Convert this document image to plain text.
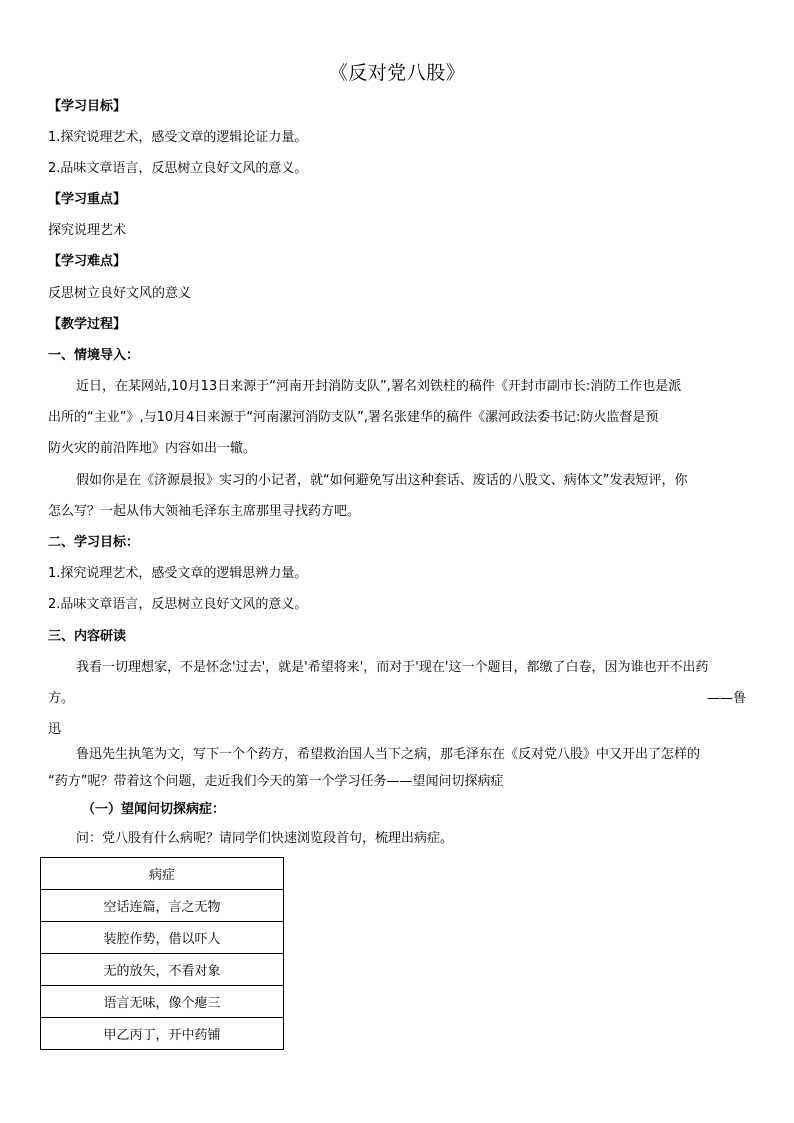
《反对党八股》
【学习目标】
1.探究说理艺术，感受文章的逻辑论证力量。
2.品味文章语言，反思树立良好文风的意义。
【学习重点】
探究说理艺术
【学习难点】
反思树立良好文风的意义
【教学过程】
一、情境导入：
近日，在某网站,10月13日来源于“河南开封消防支队”,署名刘铁柱的稿件《开封市副市长:消防工作也是派
出所的“主业”》,与10月4日来源于“河南漯河消防支队”,署名张建华的稿件《漯河政法委书记:防火监督是预
防火灾的前沿阵地》内容如出一辙。
假如你是在《济源晨报》实习的小记者，就“如何避免写出这种套话、废话的八股文、病体文”发表短评，你
怎么写？一起从伟大领袖毛泽东主席那里寻找药方吧。
二、学习目标：
1.探究说理艺术，感受文章的逻辑思辨力量。
2.品味文章语言，反思树立良好文风的意义。
三、内容研读
我看一切理想家，不是怀念'过去'，就是'希望将来'，而对于'现在'这一个题目，都缴了白卷，因为谁也开不出药
方。	——鲁
迅
鲁迅先生执笔为文，写下一个个药方，希望救治国人当下之病，那毛泽东在《反对党八股》中又开出了怎样的
“药方”呢？带着这个问题，走近我们今天的第一个学习任务——望闻问切探病症
（一）望闻问切探病症：
问：党八股有什么病呢？请同学们快速浏览段首句，梳理出病症。
病症
空话连篇，言之无物
装腔作势，借以吓人
无的放矢，不看对象
语言无味，像个瘪三
甲乙丙丁，开中药铺
